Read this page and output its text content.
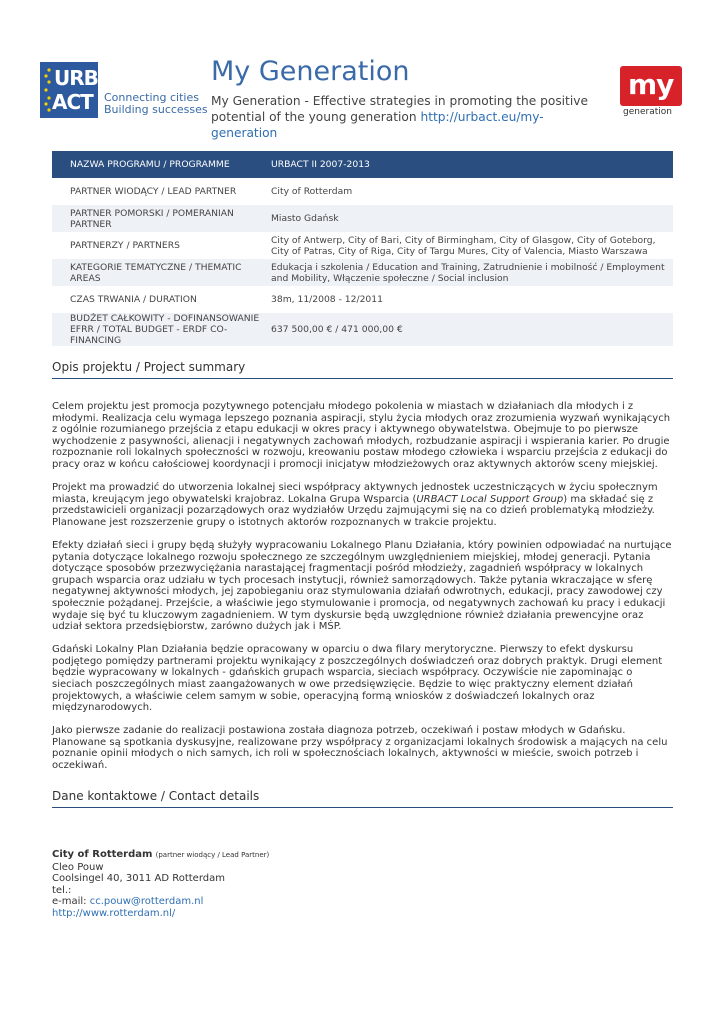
URB
ACT Connecting cities
Building successes
My Generation
My Generation - Effective strategies in promoting the positive potential of the young generation http://urbact.eu/my-generation
my
generation
NAZWA PROGRAMU / PROGRAMME	URBACT II 2007-2013
PARTNER WIODĄCY / LEAD PARTNER	City of Rotterdam
PARTNER POMORSKI / POMERANIAN PARTNER	Miasto Gdańsk
PARTNERZY / PARTNERS	City of Antwerp, City of Bari, City of Birmingham, City of Glasgow, City of Goteborg, City of Patras, City of Riga, City of Targu Mures, City of Valencia, Miasto Warszawa
KATEGORIE TEMATYCZNE / THEMATIC AREAS	Edukacja i szkolenia / Education and Training, Zatrudnienie i mobilność / Employment and Mobility, Włączenie społeczne / Social inclusion
CZAS TRWANIA / DURATION	38m, 11/2008 - 12/2011
BUDŻET CAŁKOWITY - DOFINANSOWANIE EFRR / TOTAL BUDGET - ERDF CO-FINANCING	637 500,00 € / 471 000,00 €
Opis projektu / Project summary

Celem projektu jest promocja pozytywnego potencjału młodego pokolenia w miastach w działaniach dla młodych i z młodymi. Realizacja celu wymaga lepszego poznania aspiracji, stylu życia młodych oraz zrozumienia wyzwań wynikających z ogólnie rozumianego przejścia z etapu edukacji w okres pracy i aktywnego obywatelstwa. Obejmuje to po pierwsze wychodzenie z pasywności, alienacji i negatywnych zachowań młodych, rozbudzanie aspiracji i wspierania karier. Po drugie rozpoznanie roli lokalnych społeczności w rozwoju, kreowaniu postaw młodego człowieka i wsparciu przejścia z edukacji do pracy oraz w końcu całościowej koordynacji i promocji inicjatyw młodzieżowych oraz aktywnych aktorów sceny miejskiej.

Projekt ma prowadzić do utworzenia lokalnej sieci współpracy aktywnych jednostek uczestniczących w życiu społecznym miasta, kreującym jego obywatelski krajobraz. Lokalna Grupa Wsparcia (URBACT Local Support Group) ma składać się z przedstawicieli organizacji pozarządowych oraz wydziałów Urzędu zajmującymi się na co dzień problematyką młodzieży. Planowane jest rozszerzenie grupy o istotnych aktorów rozpoznanych w trakcie projektu.

Efekty działań sieci i grupy będą służyły wypracowaniu Lokalnego Planu Działania, który powinien odpowiadać na nurtujące pytania dotyczące lokalnego rozwoju społecznego ze szczególnym uwzględnieniem miejskiej, młodej generacji. Pytania dotyczące sposobów przezwyciężania narastającej fragmentacji pośród młodzieży, zagadnień współpracy w lokalnych grupach wsparcia oraz udziału w tych procesach instytucji, również samorządowych. Także pytania wkraczające w sferę negatywnej aktywności młodych, jej zapobieganiu oraz stymulowania działań odwrotnych, edukacji, pracy zawodowej czy społecznie pożądanej. Przejście, a właściwie jego stymulowanie i promocja, od negatywnych zachowań ku pracy i edukacji wydaje się być tu kluczowym zagadnieniem. W tym dyskursie będą uwzględnione również działania prewencyjne oraz udział sektora przedsiębiorstw, zarówno dużych jak i MŚP.

Gdański Lokalny Plan Działania będzie opracowany w oparciu o dwa filary merytoryczne. Pierwszy to efekt dyskursu podjętego pomiędzy partnerami projektu wynikający z poszczególnych doświadczeń oraz dobrych praktyk. Drugi element będzie wypracowany w lokalnych - gdańskich grupach wsparcia, sieciach współpracy. Oczywiście nie zapominając o sieciach poszczególnych miast zaangażowanych w owe przedsięwzięcie. Będzie to więc praktyczny element działań projektowych, a właściwie celem samym w sobie, operacyjną formą wniosków z doświadczeń lokalnych oraz międzynarodowych.

Jako pierwsze zadanie do realizacji postawiona została diagnoza potrzeb, oczekiwań i postaw młodych w Gdańsku. Planowane są spotkania dyskusyjne, realizowane przy współpracy z organizacjami lokalnych środowisk a mających na celu poznanie opinii młodych o nich samych, ich roli w społecznościach lokalnych, aktywności w mieście, swoich potrzeb i oczekiwań.

Dane kontaktowe / Contact details
City of Rotterdam (partner wiodący / Lead Partner)
Cleo Pouw
Coolsingel 40, 3011 AD Rotterdam
tel.:
e-mail: cc.pouw@rotterdam.nl
http://www.rotterdam.nl/
